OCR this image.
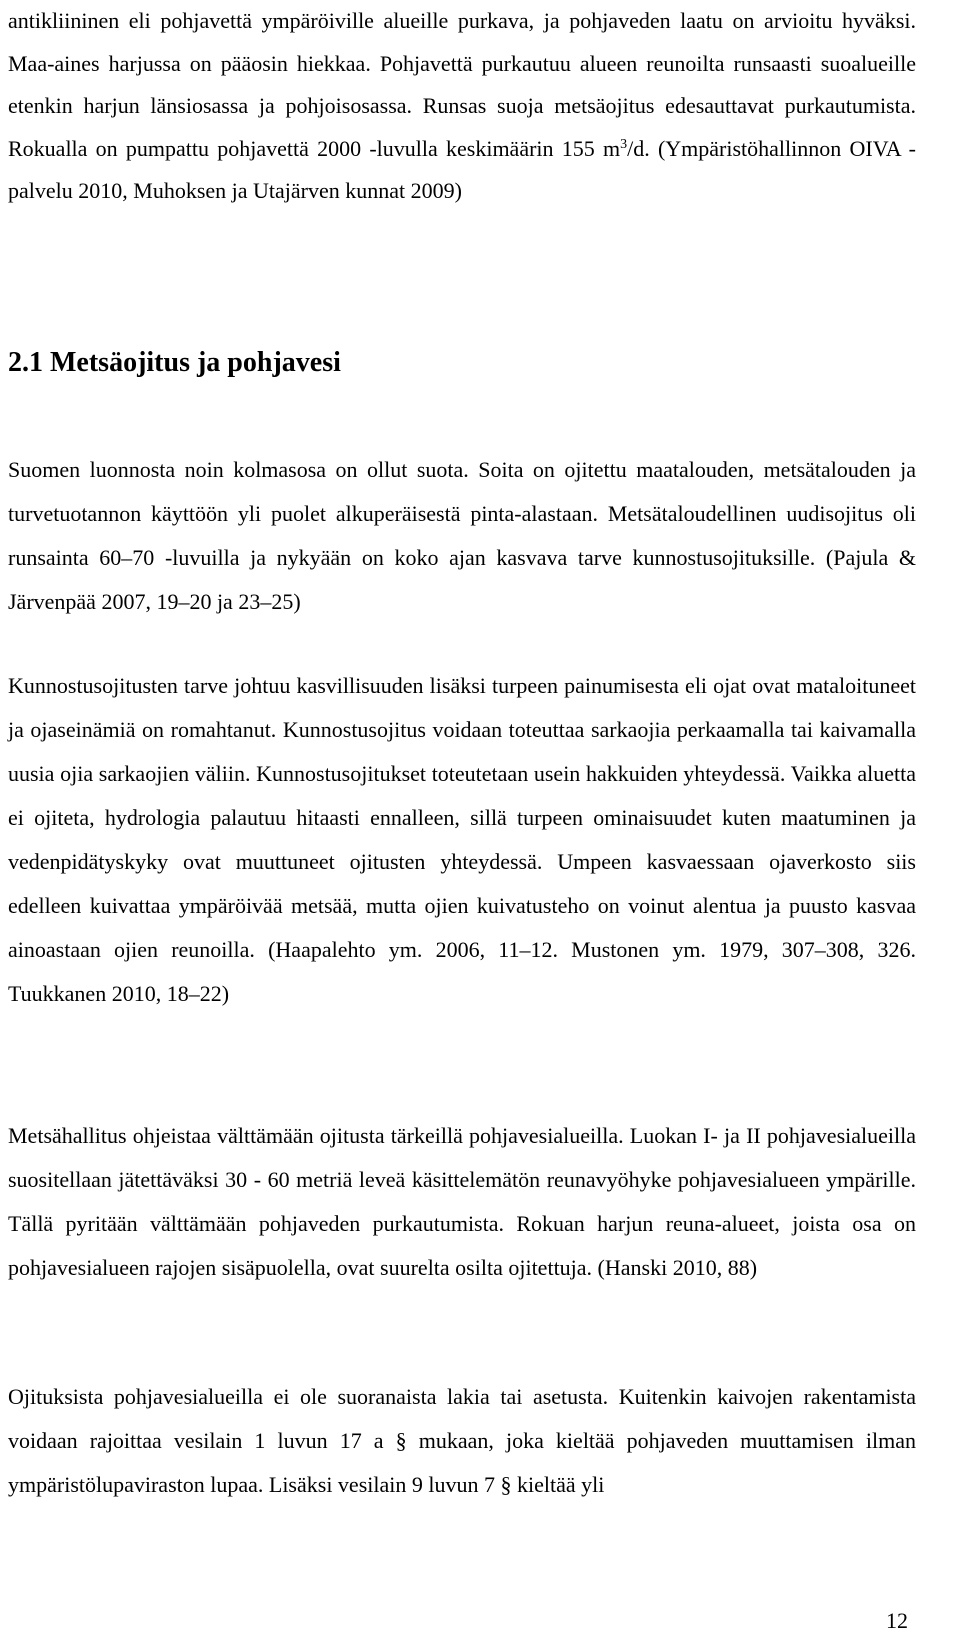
antikliininen eli pohjavettä ympäröiville alueille purkava, ja pohjaveden laatu on arvioitu hyväksi. Maa-aines harjussa on pääosin hiekkaa. Pohjavettä purkautuu alueen reunoilta runsaasti suoalueille etenkin harjun länsiosassa ja pohjoisosassa. Runsas suoja metsäojitus edesauttavat purkautumista. Rokualla on pumpattu pohjavettä 2000 -luvulla keskimäärin 155 $m^3/d$. (Ympäristöhallinnon OIVA -palvelu 2010, Muhoksen ja Utajärven kunnat 2009)

2.1 Metsäojitus ja pohjavesi

Suomen luonnosta noin kolmasosa on ollut suota. Soita on ojitettu maatalouden, metsätalouden ja turvetuotannon käyttöön yli puolet alkuperäisestä pinta-alastaan. Metsätaloudellinen uudisojitus oli runsainta 60–70 -luvuilla ja nykyään on koko ajan kasvava tarve kunnostusojituksille. (Pajula & Järvenpää 2007, 19–20 ja 23–25)

Kunnostusojitusten tarve johtuu kasvillisuuden lisäksi turpeen painumisesta eli ojat ovat mataloituneet ja ojaseinämiä on romahtanut. Kunnostusojitus voidaan toteuttaa sarkaojia perkaamalla tai kaivamalla uusia ojia sarkaojien väliin. Kunnostusojitukset toteutetaan usein hakkuiden yhteydessä. Vaikka aluetta ei ojiteta, hydrologia palautuu hitaasti ennalleen, sillä turpeen ominaisuudet kuten maatuminen ja vedenpidätyskyky ovat muuttuneet ojitusten yhteydessä. Umpeen kasvaessaan ojaverkosto siis edelleen kuivattaa ympäröivää metsää, mutta ojien kuivatusteho on voinut alentua ja puusto kasvaa ainoastaan ojien reunoilla. (Haapalehto ym. 2006, 11–12. Mustonen ym. 1979, 307–308, 326. Tuukkanen 2010, 18–22)

Metsähallitus ohjeistaa välttämään ojitusta tärkeillä pohjavesialueilla. Luokan I- ja II pohjavesialueilla suositellaan jätettäväksi 30 - 60 metriä leveä käsittelemätön reunavyöhyke pohjavesialueen ympärille. Tällä pyritään välttämään pohjaveden purkautumista. Rokuan harjun reuna-alueet, joista osa on pohjavesialueen rajojen sisäpuolella, ovat suurelta osilta ojitettuja. (Hanski 2010, 88)

Ojituksista pohjavesialueilla ei ole suoranaista lakia tai asetusta. Kuitenkin kaivojen rakentamista voidaan rajoittaa vesilain 1 luvun 17 a § mukaan, joka kieltää pohjaveden muuttamisen ilman ympäristölupaviraston lupaa. Lisäksi vesilain 9 luvun 7 § kieltää yli

12
